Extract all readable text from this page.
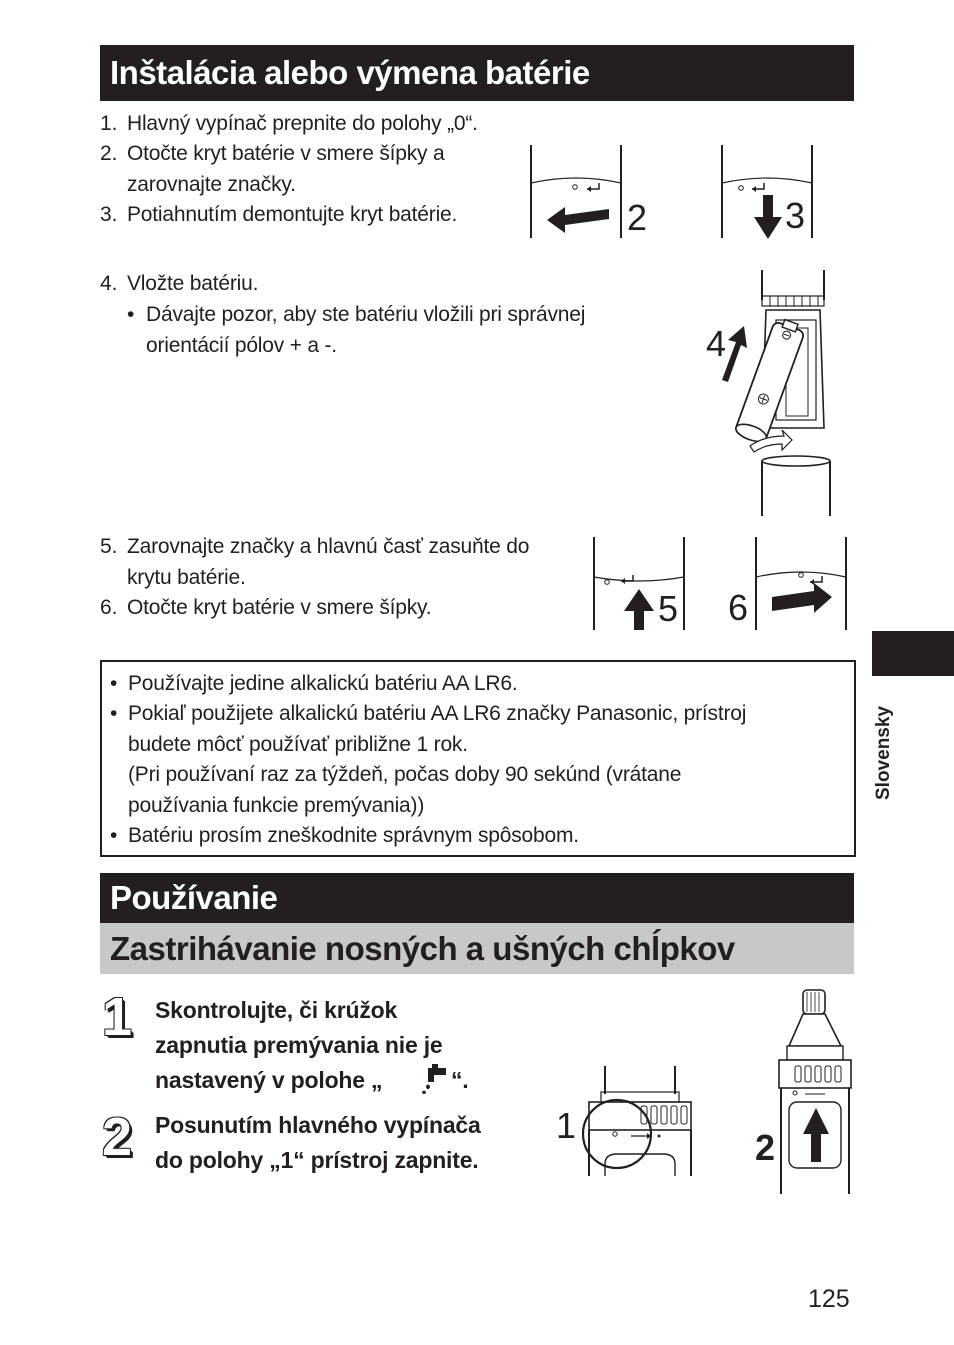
Inštalácia alebo výmena batérie
1. Hlavný vypínač prepnite do polohy „0“.
2. Otočte kryt batérie v smere šípky a
zarovnajte značky.
3. Potiahnutím demontujte kryt batérie.	2	3
4. Vložte batériu.
• Dávajte pozor, aby ste batériu vložili pri správnej
orientácií pólov + a -.	4
5. Zarovnajte značky a hlavnú časť zasuňte do
krytu batérie.
6. Otočte kryt batérie v smere šípky.	5 6
• Používajte jedine alkalickú batériu AA LR6.
• Pokiaľ použijete alkalickú batériu AA LR6 značky Panasonic, prístroj
budete môcť používať približne 1 rok.
(Pri používaní raz za týždeň, počas doby 90 sekúnd (vrátane
používania funkcie premývania))
• Batériu prosím zneškodnite správnym spôsobom.
Slovensky
Používanie
Zastrihávanie nosných a ušných chĺpkov
1 Skontrolujte, či krúžok
zapnutia premývania nie je
nastavený v polohe „	“.
2 Posunutím hlavného vypínača
do polohy „1“ prístroj zapnite.
1
2
125
